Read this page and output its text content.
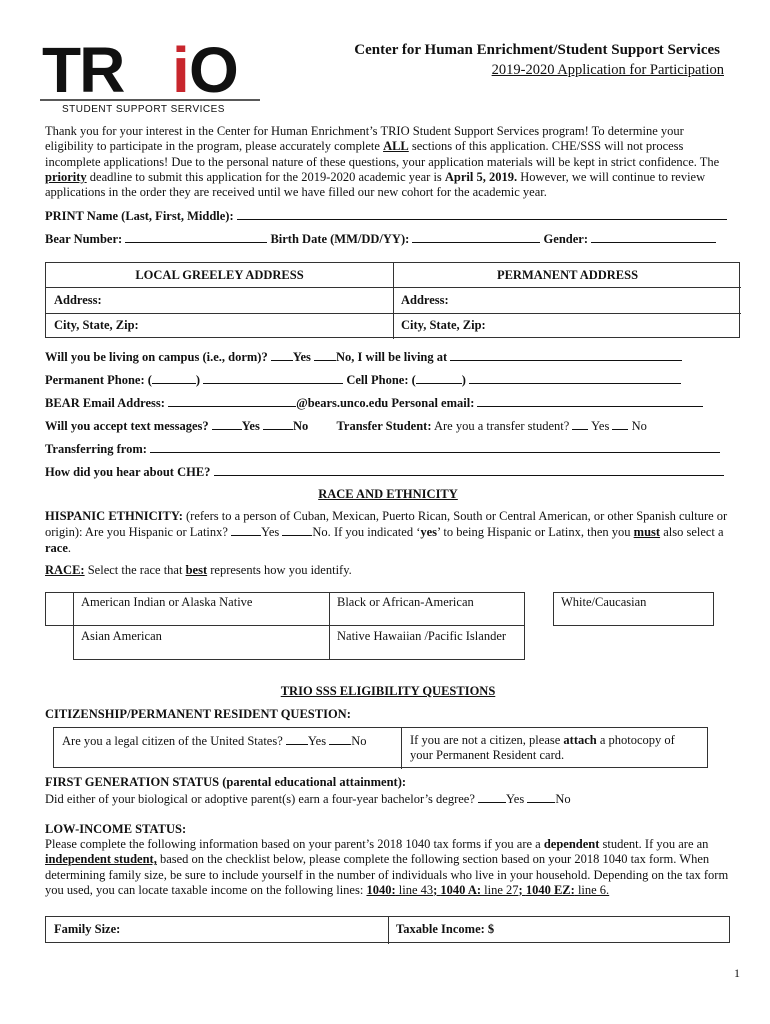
TR i O
STUDENT SUPPORT SERVICES
Center for Human Enrichment/Student Support Services
2019-2020 Application for Participation
Thank you for your interest in the Center for Human Enrichment’s TRIO Student Support Services program! To determine your eligibility to participate in the program, please accurately complete ALL sections of this application. CHE/SSS will not process incomplete applications! Due to the personal nature of these questions, your application materials will be kept in strict confidence. The priority deadline to submit this application for the 2019-2020 academic year is April 5, 2019. However, we will continue to review applications in the order they are received until we have filled our new cohort for the academic year.
PRINT Name (Last, First, Middle):
Bear Number:	Birth Date (MM/DD/YY):	Gender:
LOCAL GREELEY ADDRESS	PERMANENT ADDRESS
Address:	Address:
City, State, Zip:	City, State, Zip:
Will you be living on campus (i.e., dorm)? Yes No, I will be living at
Permanent Phone: (	)	Cell Phone: (	)
BEAR Email Address:	@bears.unco.edu Personal email:
Will you accept text messages?	Yes	No Transfer Student: Are you a transfer student? Yes No
Transferring from:
How did you hear about CHE?
RACE AND ETHNICITY
HISPANIC ETHNICITY: (refers to a person of Cuban, Mexican, Puerto Rican, South or Central American, or other Spanish culture or origin): Are you Hispanic or Latinx? Yes	No. If you indicated ‘yes’ to being Hispanic or Latinx, then you must also select a race.
RACE: Select the race that best represents how you identify.
American Indian or Alaska Native	Black or African-American	White/Caucasian
Asian American	Native Hawaiian /Pacific Islander
TRIO SSS ELIGIBILITY QUESTIONS
CITIZENSHIP/PERMANENT RESIDENT QUESTION:
Are you a legal citizen of the United States? Yes No	If you are not a citizen, please attach a photocopy of
your Permanent Resident card.
FIRST GENERATION STATUS (parental educational attainment):
Did either of your biological or adoptive parent(s) earn a four-year bachelor’s degree? Yes No
LOW-INCOME STATUS:
Please complete the following information based on your parent’s 2018 1040 tax forms if you are a dependent student. If you are an independent student, based on the checklist below, please complete the following section based on your 2018 1040 tax form. When determining family size, be sure to include yourself in the number of individuals who live in your household. Depending on the tax form you used, you can locate taxable income on the following lines: 1040: line 43; 1040 A: line 27; 1040 EZ: line 6.
Family Size:	Taxable Income: $
1
